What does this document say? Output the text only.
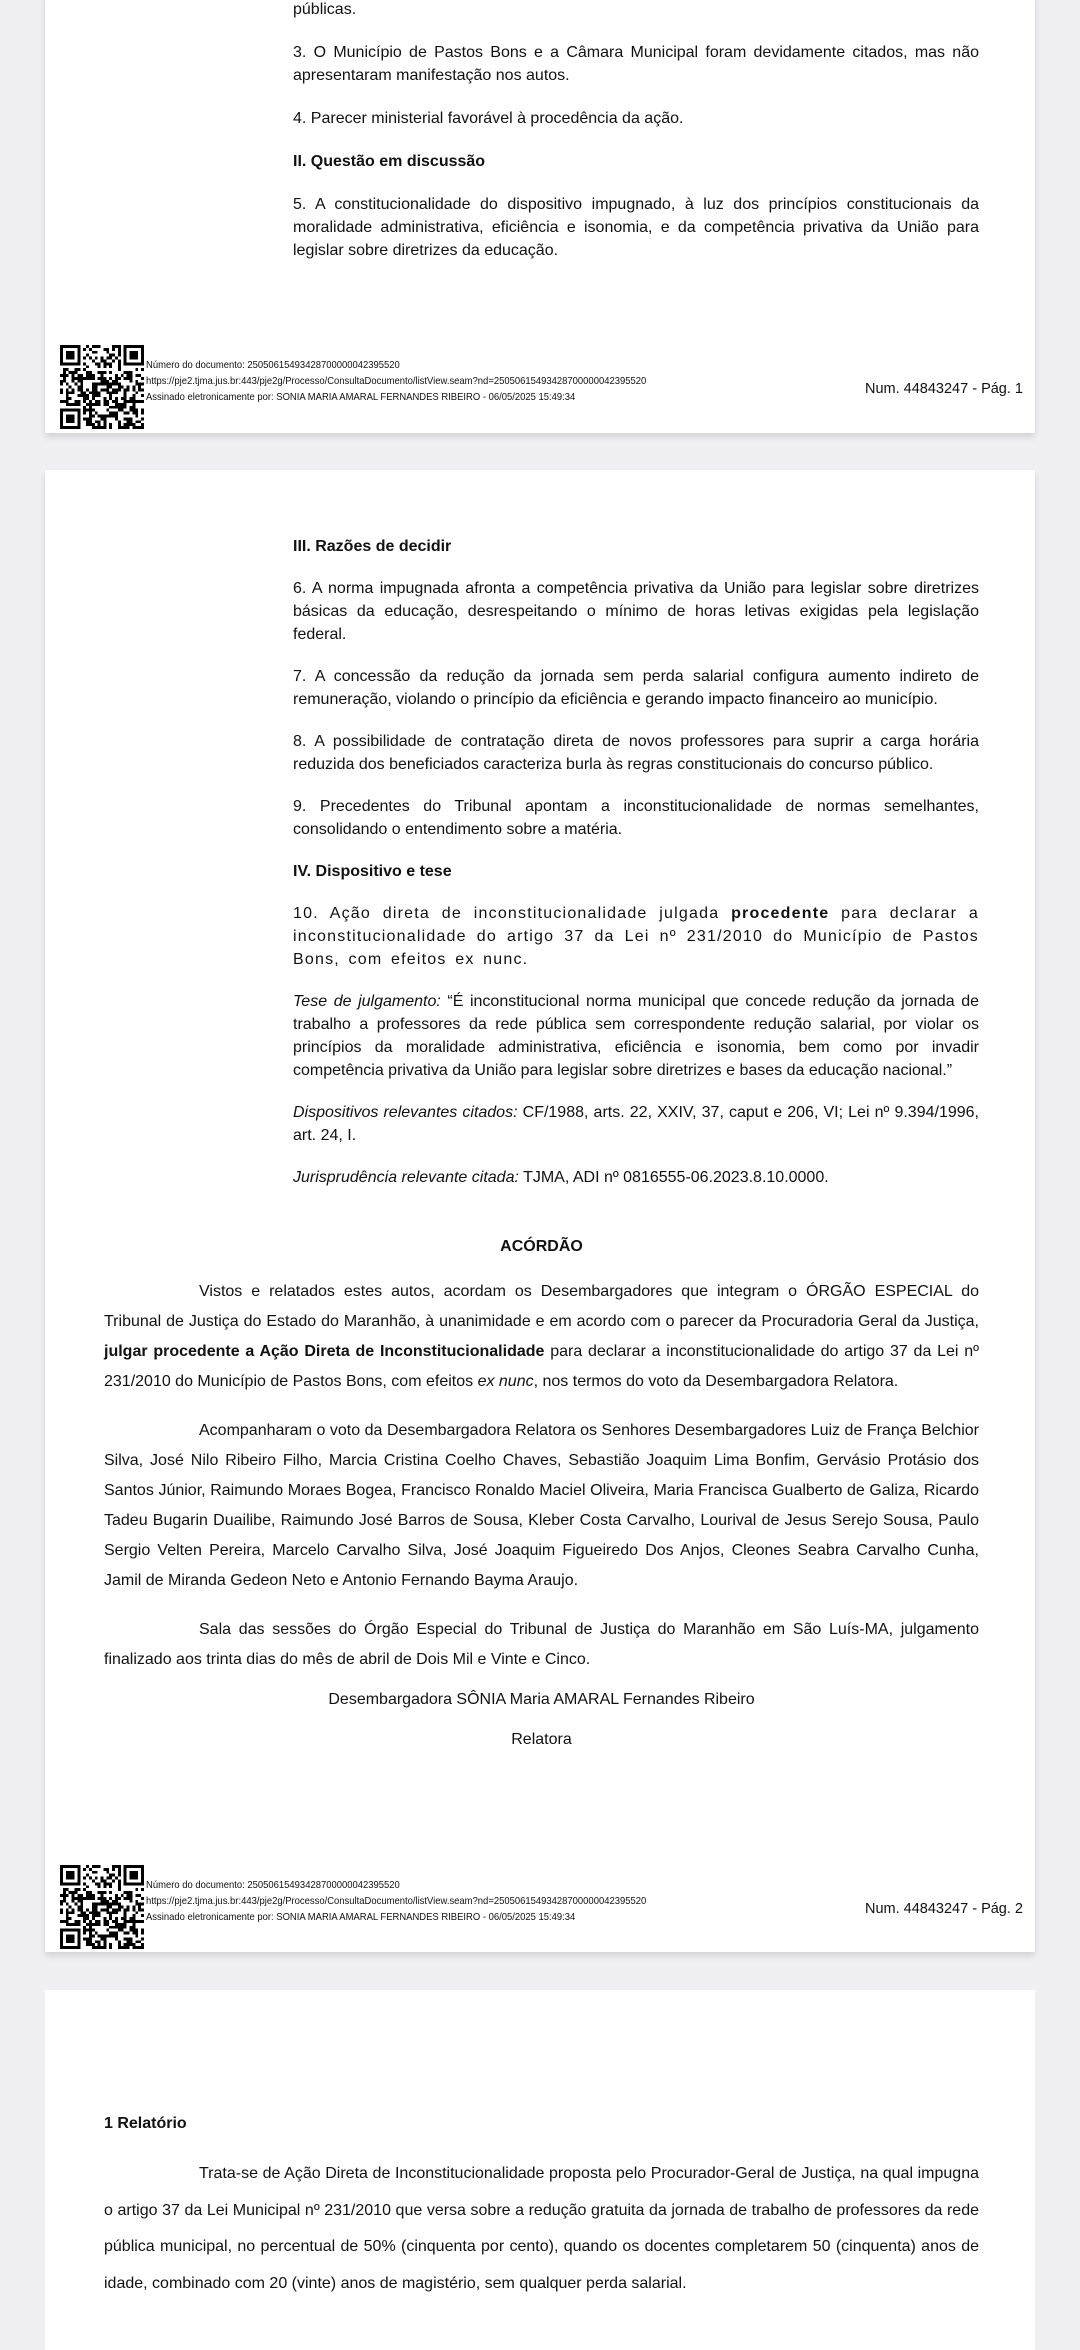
públicas.

3. O Município de Pastos Bons e a Câmara Municipal foram devidamente citados, mas não apresentaram manifestação nos autos.

4. Parecer ministerial favorável à procedência da ação.

II. Questão em discussão

5. A constitucionalidade do dispositivo impugnado, à luz dos princípios constitucionais da moralidade administrativa, eficiência e isonomia, e da competência privativa da União para legislar sobre diretrizes da educação.

Número do documento: 25050615493428700000042395520
https://pje2.tjma.jus.br:443/pje2g/Processo/ConsultaDocumento/listView.seam?nd=25050615493428700000042395520
Assinado eletronicamente por: SONIA MARIA AMARAL FERNANDES RIBEIRO - 06/05/2025 15:49:34	Num. 44843247 - Pág. 1

III. Razões de decidir

6. A norma impugnada afronta a competência privativa da União para legislar sobre diretrizes básicas da educação, desrespeitando o mínimo de horas letivas exigidas pela legislação federal.

7. A concessão da redução da jornada sem perda salarial configura aumento indireto de remuneração, violando o princípio da eficiência e gerando impacto financeiro ao município.

8. A possibilidade de contratação direta de novos professores para suprir a carga horária reduzida dos beneficiados caracteriza burla às regras constitucionais do concurso público.

9. Precedentes do Tribunal apontam a inconstitucionalidade de normas semelhantes, consolidando o entendimento sobre a matéria.

IV. Dispositivo e tese

10. Ação direta de inconstitucionalidade julgada procedente para declarar a inconstitucionalidade do artigo 37 da Lei nº 231/2010 do Município de Pastos Bons, com efeitos ex nunc.

Tese de julgamento: “É inconstitucional norma municipal que concede redução da jornada de trabalho a professores da rede pública sem correspondente redução salarial, por violar os princípios da moralidade administrativa, eficiência e isonomia, bem como por invadir competência privativa da União para legislar sobre diretrizes e bases da educação nacional.”

Dispositivos relevantes citados: CF/1988, arts. 22, XXIV, 37, caput e 206, VI; Lei nº 9.394/1996, art. 24, I.

Jurisprudência relevante citada: TJMA, ADI nº 0816555-06.2023.8.10.0000.

ACÓRDÃO

Vistos e relatados estes autos, acordam os Desembargadores que integram o ÓRGÃO ESPECIAL do Tribunal de Justiça do Estado do Maranhão, à unanimidade e em acordo com o parecer da Procuradoria Geral da Justiça, julgar procedente a Ação Direta de Inconstitucionalidade para declarar a inconstitucionalidade do artigo 37 da Lei nº 231/2010 do Município de Pastos Bons, com efeitos ex nunc, nos termos do voto da Desembargadora Relatora.

Acompanharam o voto da Desembargadora Relatora os Senhores Desembargadores Luiz de França Belchior Silva, José Nilo Ribeiro Filho, Marcia Cristina Coelho Chaves, Sebastião Joaquim Lima Bonfim, Gervásio Protásio dos Santos Júnior, Raimundo Moraes Bogea, Francisco Ronaldo Maciel Oliveira, Maria Francisca Gualberto de Galiza, Ricardo Tadeu Bugarin Duailibe, Raimundo José Barros de Sousa, Kleber Costa Carvalho, Lourival de Jesus Serejo Sousa, Paulo Sergio Velten Pereira, Marcelo Carvalho Silva, José Joaquim Figueiredo Dos Anjos, Cleones Seabra Carvalho Cunha, Jamil de Miranda Gedeon Neto e Antonio Fernando Bayma Araujo.

Sala das sessões do Órgão Especial do Tribunal de Justiça do Maranhão em São Luís-MA, julgamento finalizado aos trinta dias do mês de abril de Dois Mil e Vinte e Cinco.

Desembargadora SÔNIA Maria AMARAL Fernandes Ribeiro

Relatora

Número do documento: 25050615493428700000042395520
https://pje2.tjma.jus.br:443/pje2g/Processo/ConsultaDocumento/listView.seam?nd=25050615493428700000042395520
Assinado eletronicamente por: SONIA MARIA AMARAL FERNANDES RIBEIRO - 06/05/2025 15:49:34	Num. 44843247 - Pág. 2

1 Relatório

Trata-se de Ação Direta de Inconstitucionalidade proposta pelo Procurador-Geral de Justiça, na qual impugna o artigo 37 da Lei Municipal nº 231/2010 que versa sobre a redução gratuita da jornada de trabalho de professores da rede pública municipal, no percentual de 50% (cinquenta por cento), quando os docentes completarem 50 (cinquenta) anos de idade, combinado com 20 (vinte) anos de magistério, sem qualquer perda salarial.
